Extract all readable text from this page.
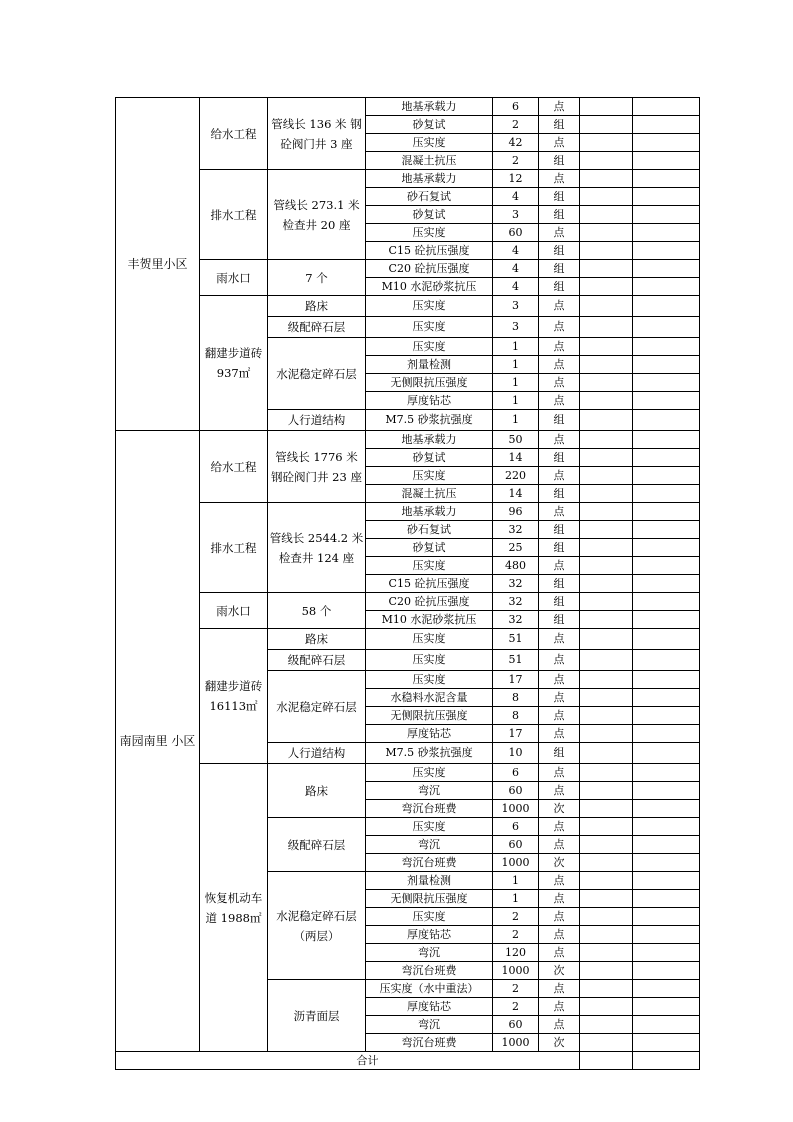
丰贺里小区	给水工程	管线长 136 米 钢砼阀门井 3 座	地基承载力	6	点		
			砂复试	2	组		
			压实度	42	点		
			混凝土抗压	2	组		
	排水工程	管线长 273.1 米 检查井 20 座	地基承载力	12	点		
			砂石复试	4	组		
			砂复试	3	组		
			压实度	60	点		
			C15 砼抗压强度	4	组		
	雨水口	7 个	C20 砼抗压强度	4	组		
			M10 水泥砂浆抗压	4	组		
	翻建步道砖 937㎡	路床	压实度	3	点		
		级配碎石层	压实度	3	点		
		水泥稳定碎石层	压实度	1	点		
			剂量检测	1	点		
			无侧限抗压强度	1	点		
			厚度钻芯	1	点		
		人行道结构	M7.5 砂浆抗强度	1	组		
南园南里 小区	给水工程	管线长 1776 米 钢砼阀门井 23 座	地基承载力	50	点		
			砂复试	14	组		
			压实度	220	点		
			混凝土抗压	14	组		
	排水工程	管线长 2544.2 米 检查井 124 座	地基承载力	96	点		
			砂石复试	32	组		
			砂复试	25	组		
			压实度	480	点		
			C15 砼抗压强度	32	组		
	雨水口	58 个	C20 砼抗压强度	32	组		
			M10 水泥砂浆抗压	32	组		
	翻建步道砖 16113㎡	路床	压实度	51	点		
		级配碎石层	压实度	51	点		
		水泥稳定碎石层	压实度	17	点		
			水稳料水泥含量	8	点		
			无侧限抗压强度	8	点		
			厚度钻芯	17	点		
		人行道结构	M7.5 砂浆抗强度	10	组		
	恢复机动车道 1988㎡	路床	压实度	6	点		
			弯沉	60	点		
			弯沉台班费	1000	次		
		级配碎石层	压实度	6	点		
			弯沉	60	点		
			弯沉台班费	1000	次		
		水泥稳定碎石层（两层）	剂量检测	1	点		
			无侧限抗压强度	1	点		
			压实度	2	点		
			厚度钻芯	2	点		
			弯沉	120	点		
			弯沉台班费	1000	次		
		沥青面层	压实度（水中重法）	2	点		
			厚度钻芯	2	点		
			弯沉	60	点		
			弯沉台班费	1000	次		
合计							
